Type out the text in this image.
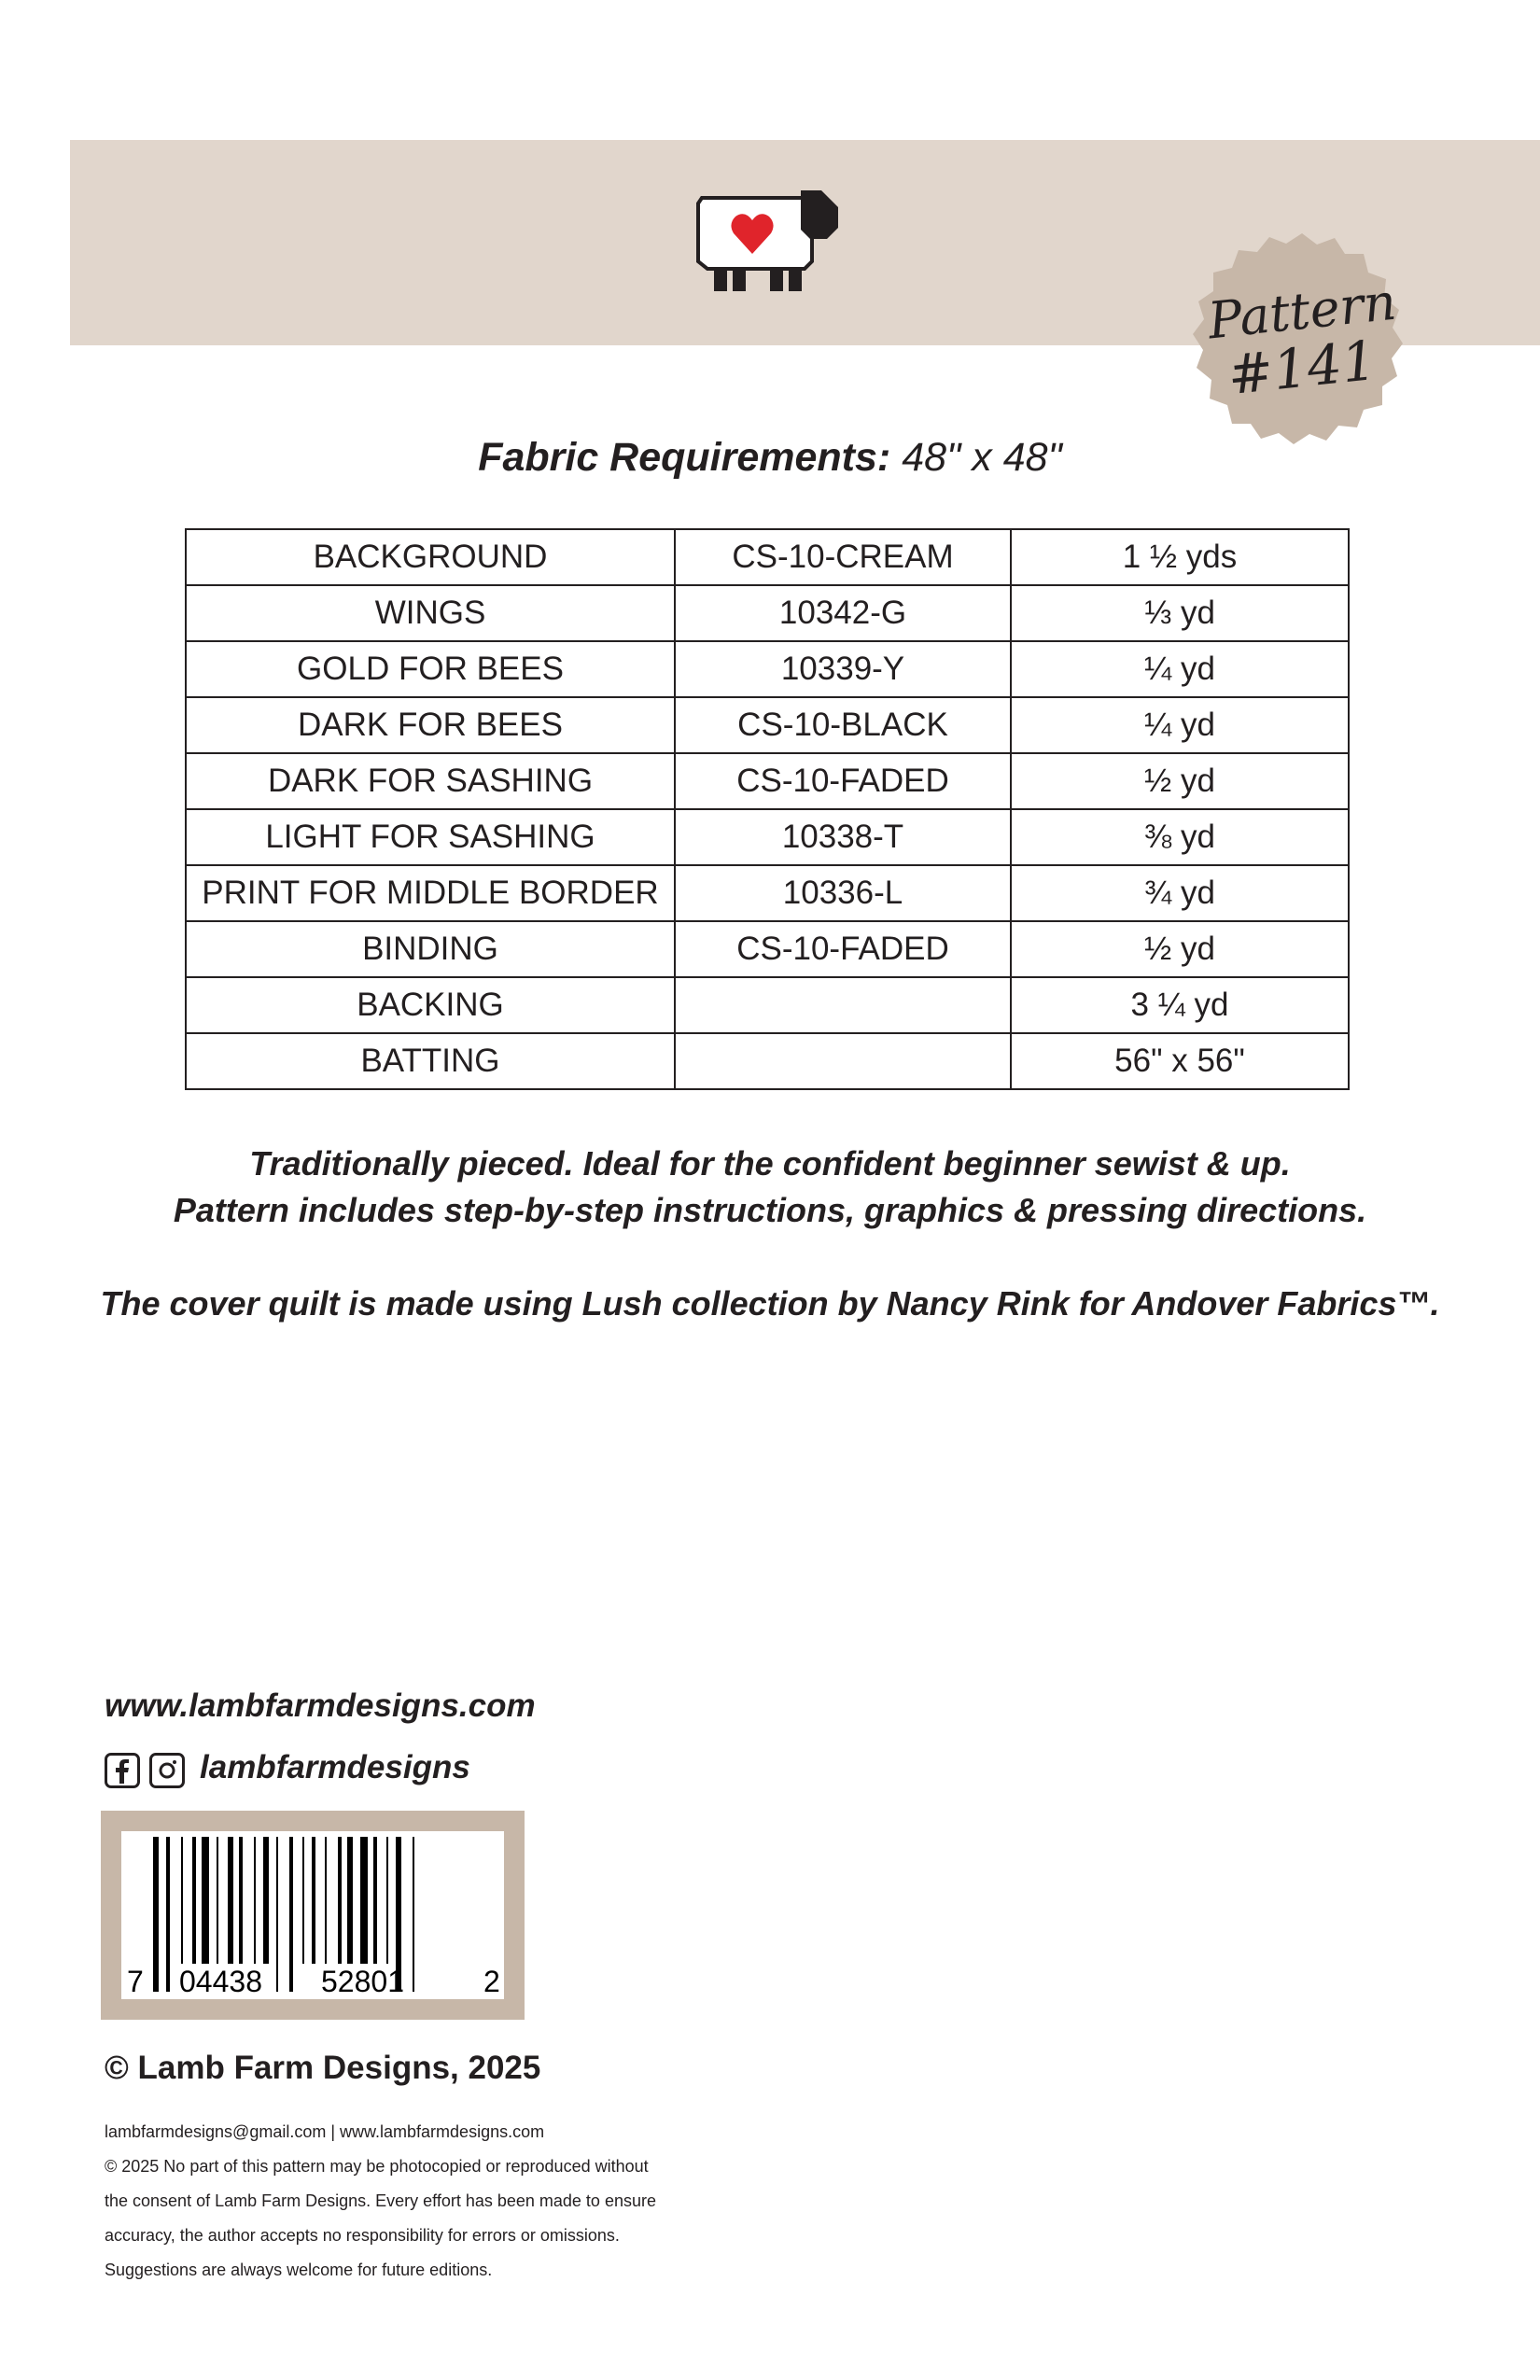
Pattern
#141
Fabric Requirements: 48" x 48"
BACKGROUND	CS-10-CREAM	1 ½ yds
WINGS	10342-G	⅓ yd
GOLD FOR BEES	10339-Y	¼ yd
DARK FOR BEES	CS-10-BLACK	¼ yd
DARK FOR SASHING	CS-10-FADED	½ yd
LIGHT FOR SASHING	10338-T	⅜ yd
PRINT FOR MIDDLE BORDER	10336-L	¾ yd
BINDING	CS-10-FADED	½ yd
BACKING		3 ¼ yd
BATTING		56" x 56"
Traditionally pieced. Ideal for the confident beginner sewist & up.
Pattern includes step-by-step instructions, graphics & pressing directions.
The cover quilt is made using Lush collection by Nancy Rink for Andover Fabrics™.
www.lambfarmdesigns.com
lambfarmdesigns
7 04438 52801	2
© Lamb Farm Designs, 2025
lambfarmdesigns@gmail.com | www.lambfarmdesigns.com
© 2025 No part of this pattern may be photocopied or reproduced without
the consent of Lamb Farm Designs. Every effort has been made to ensure
accuracy, the author accepts no responsibility for errors or omissions.
Suggestions are always welcome for future editions.
